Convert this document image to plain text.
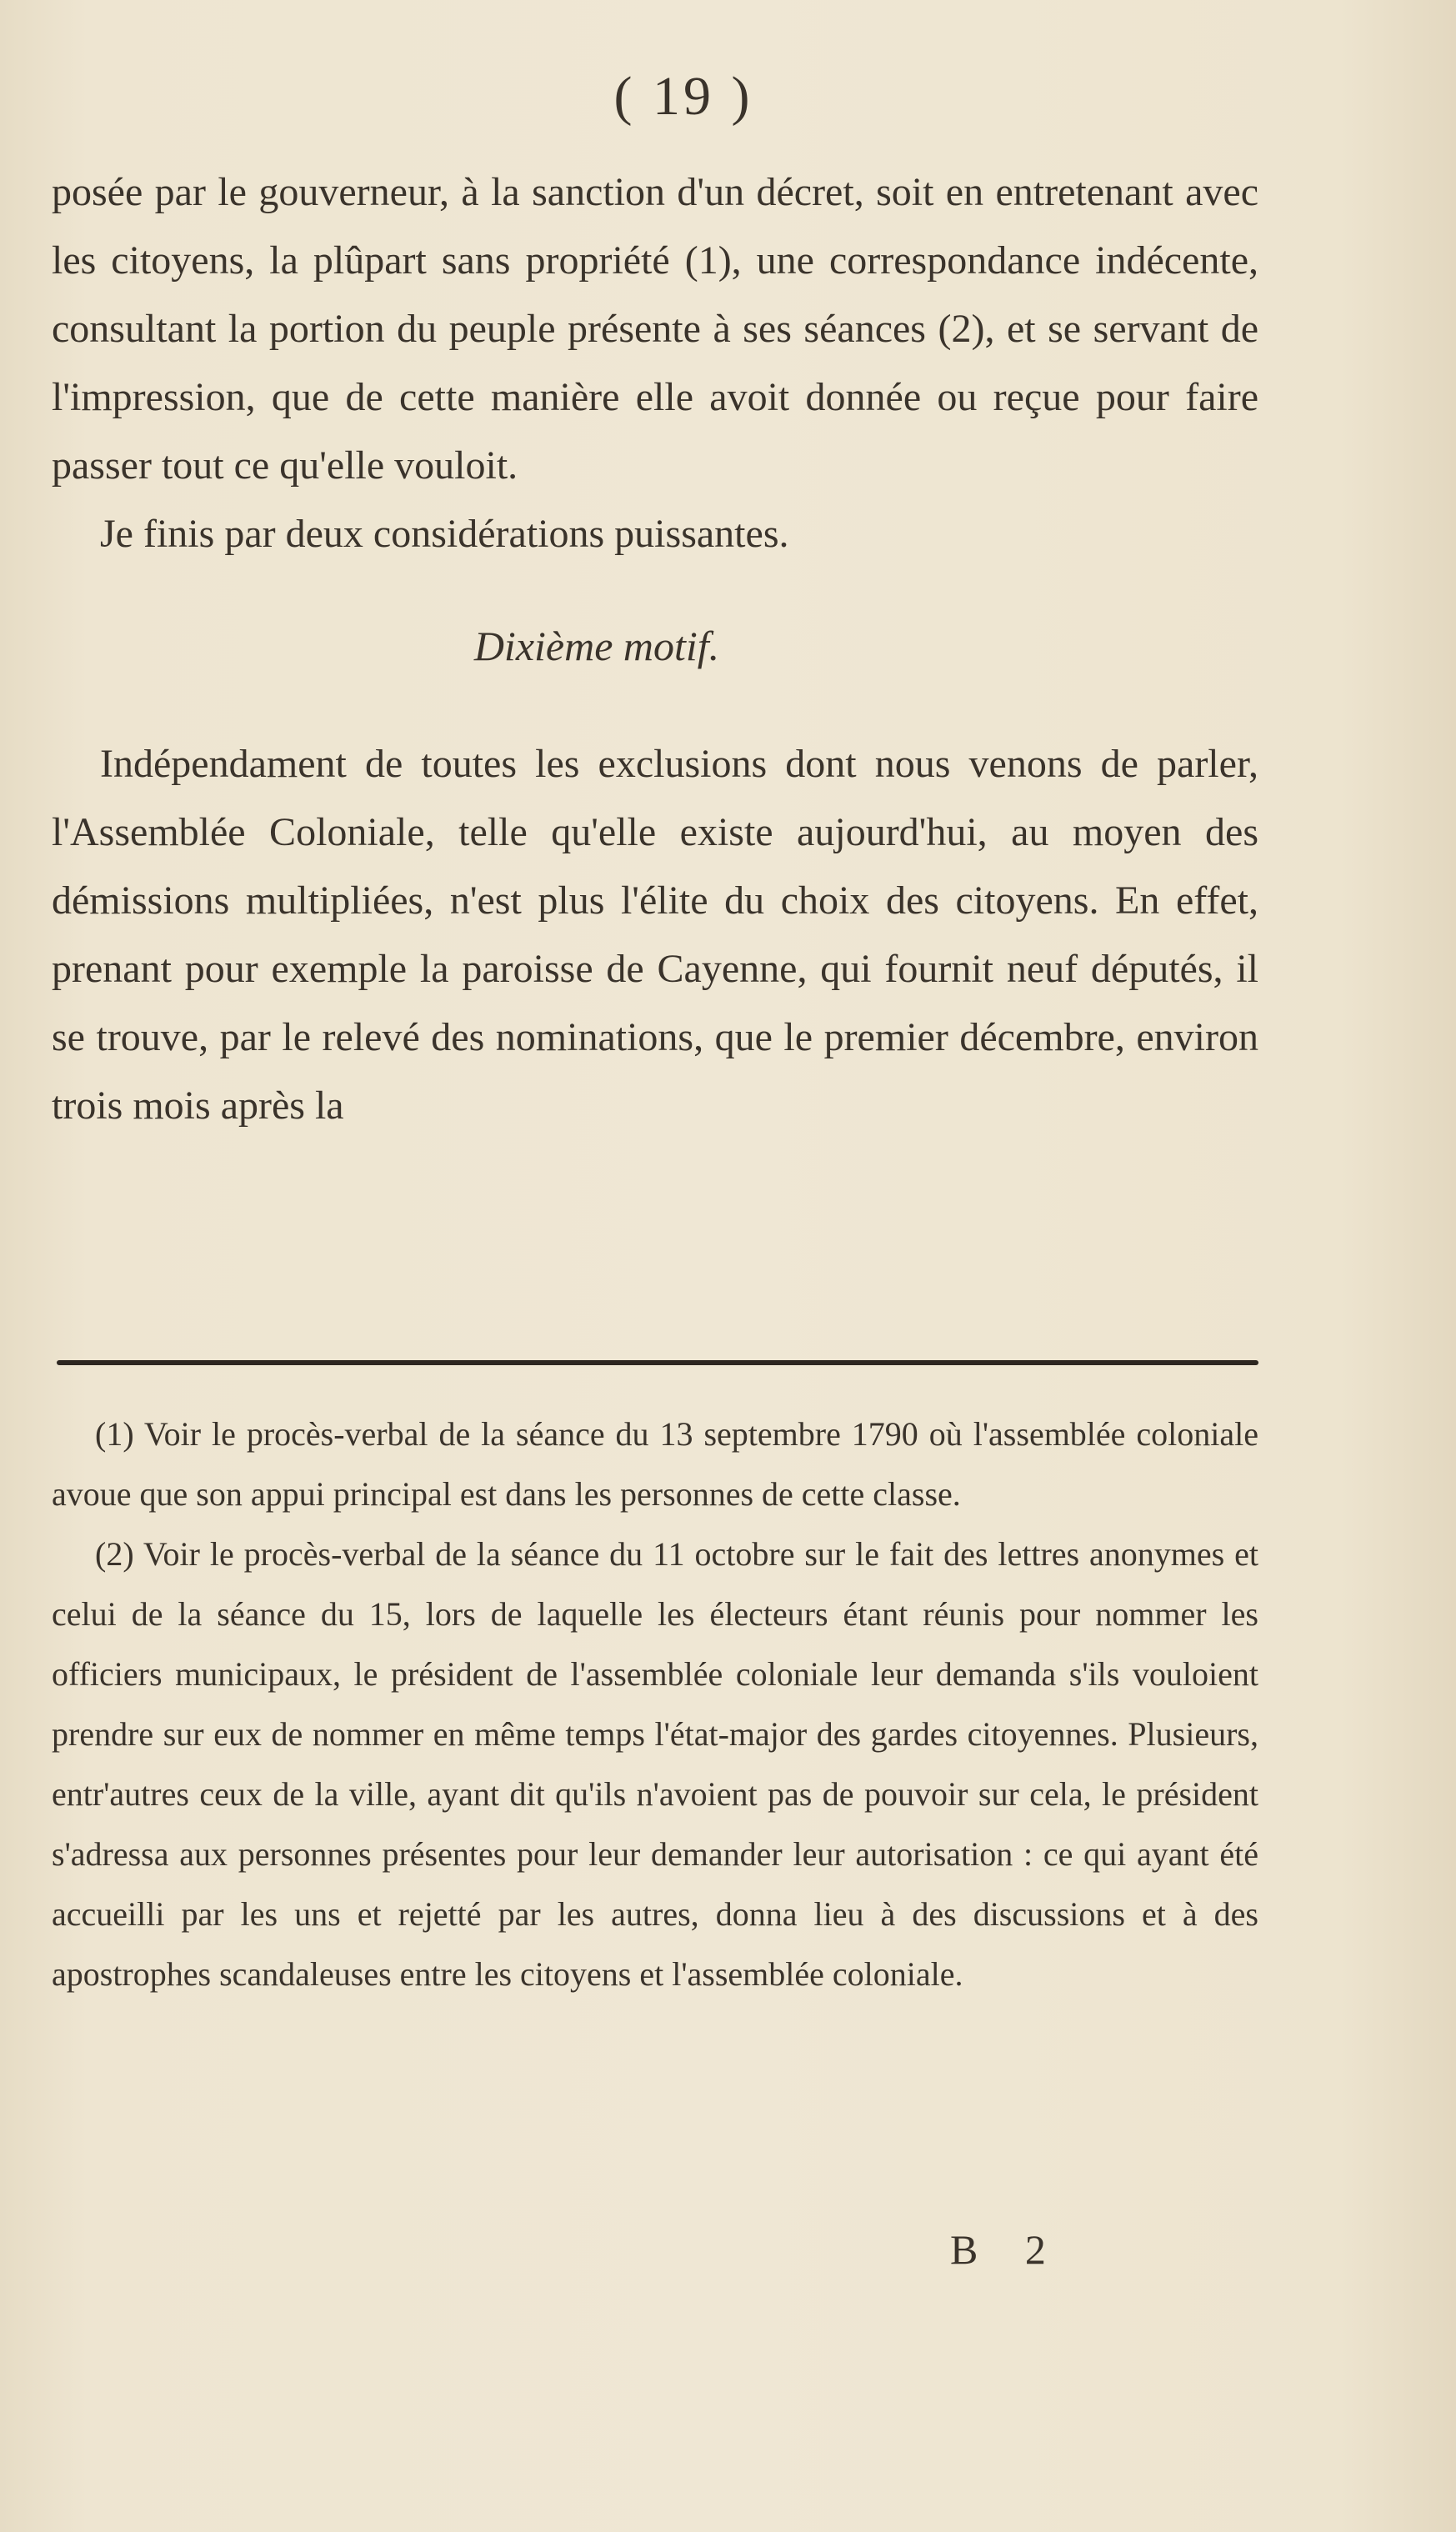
( 19 )

posée par le gouverneur, à la sanction d'un décret, soit en entretenant avec les citoyens, la plûpart sans propriété (1), une correspondance indécente, consultant la portion du peuple présente à ses séances (2), et se servant de l'impression, que de cette manière elle avoit donnée ou reçue pour faire passer tout ce qu'elle vouloit.

Je finis par deux considérations puissantes.

Dixième motif.

Indépendament de toutes les exclusions dont nous venons de parler, l'Assemblée Coloniale, telle qu'elle existe aujourd'hui, au moyen des démissions multipliées, n'est plus l'élite du choix des citoyens. En effet, prenant pour exemple la paroisse de Cayenne, qui fournit neuf députés, il se trouve, par le relevé des nominations, que le premier décembre, environ trois mois après la

(1) Voir le procès-verbal de la séance du 13 septembre 1790 où l'assemblée coloniale avoue que son appui principal est dans les personnes de cette classe.

(2) Voir le procès-verbal de la séance du 11 octobre sur le fait des lettres anonymes et celui de la séance du 15, lors de laquelle les électeurs étant réunis pour nommer les officiers municipaux, le président de l'assemblée coloniale leur demanda s'ils vouloient prendre sur eux de nommer en même temps l'état-major des gardes citoyennes. Plusieurs, entr'autres ceux de la ville, ayant dit qu'ils n'avoient pas de pouvoir sur cela, le président s'adressa aux personnes présentes pour leur demander leur autorisation : ce qui ayant été accueilli par les uns et rejetté par les autres, donna lieu à des discussions et à des apostrophes scandaleuses entre les citoyens et l'assemblée coloniale.

B 2
